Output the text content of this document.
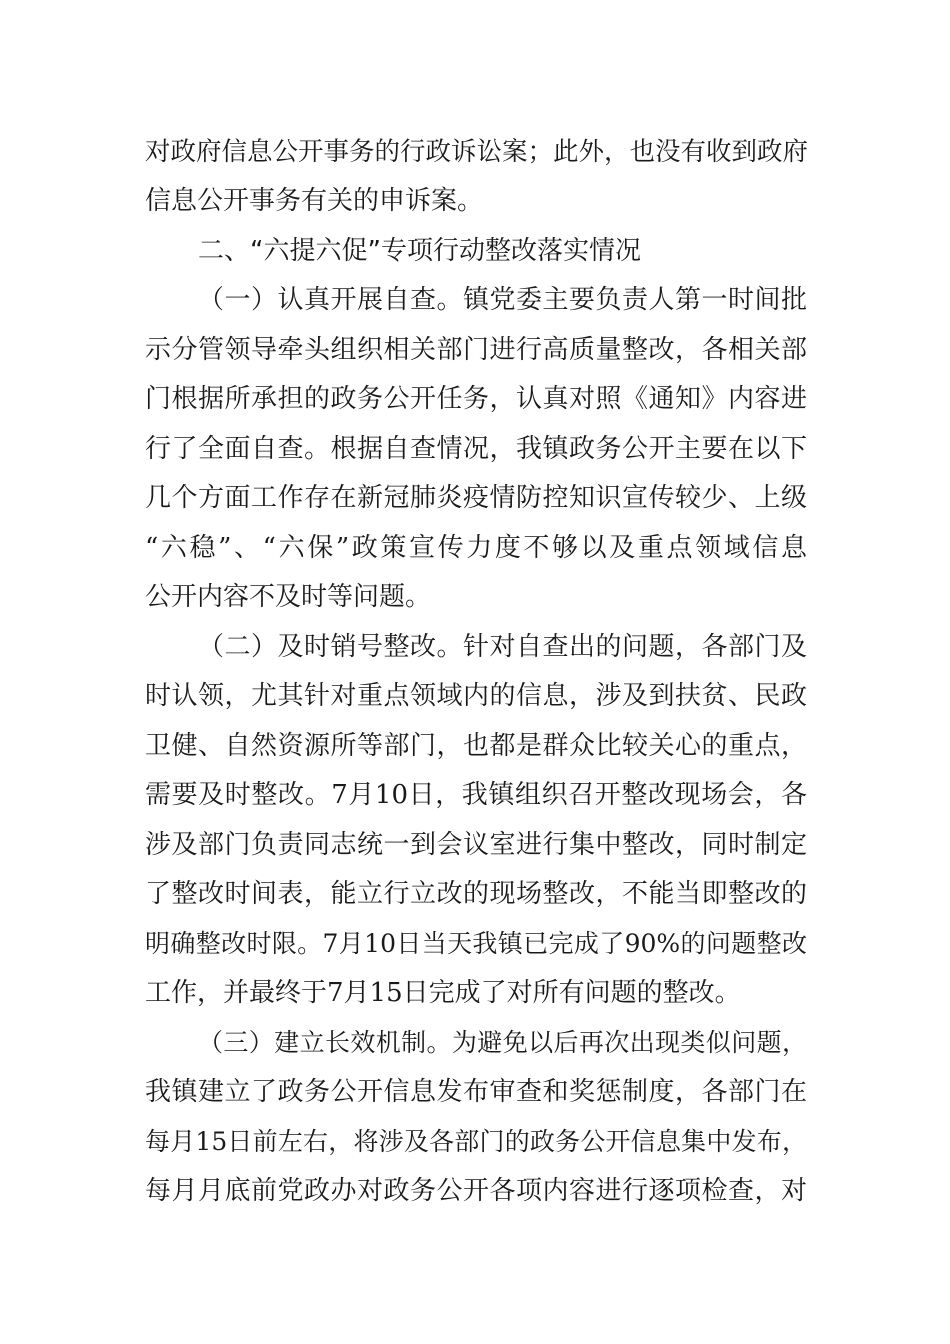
对政府信息公开事务的行政诉讼案；此外，也没有收到政府
信息公开事务有关的申诉案。
二、“六提六促”专项行动整改落实情况
（一）认真开展自查。镇党委主要负责人第一时间批
示分管领导牵头组织相关部门进行高质量整改，各相关部
门根据所承担的政务公开任务，认真对照《通知》内容进
行了全面自查。根据自查情况，我镇政务公开主要在以下
几个方面工作存在新冠肺炎疫情防控知识宣传较少、上级
“六稳”、“六保”政策宣传力度不够以及重点领域信息
公开内容不及时等问题。
（二）及时销号整改。针对自查出的问题，各部门及
时认领，尤其针对重点领域内的信息，涉及到扶贫、民政
卫健、自然资源所等部门，也都是群众比较关心的重点，
需要及时整改。7月10日，我镇组织召开整改现场会，各
涉及部门负责同志统一到会议室进行集中整改，同时制定
了整改时间表，能立行立改的现场整改，不能当即整改的
明确整改时限。7月10日当天我镇已完成了90%的问题整改
工作，并最终于7月15日完成了对所有问题的整改。
（三）建立长效机制。为避免以后再次出现类似问题，
我镇建立了政务公开信息发布审查和奖惩制度，各部门在
每月15日前左右，将涉及各部门的政务公开信息集中发布，
每月月底前党政办对政务公开各项内容进行逐项检查，对
